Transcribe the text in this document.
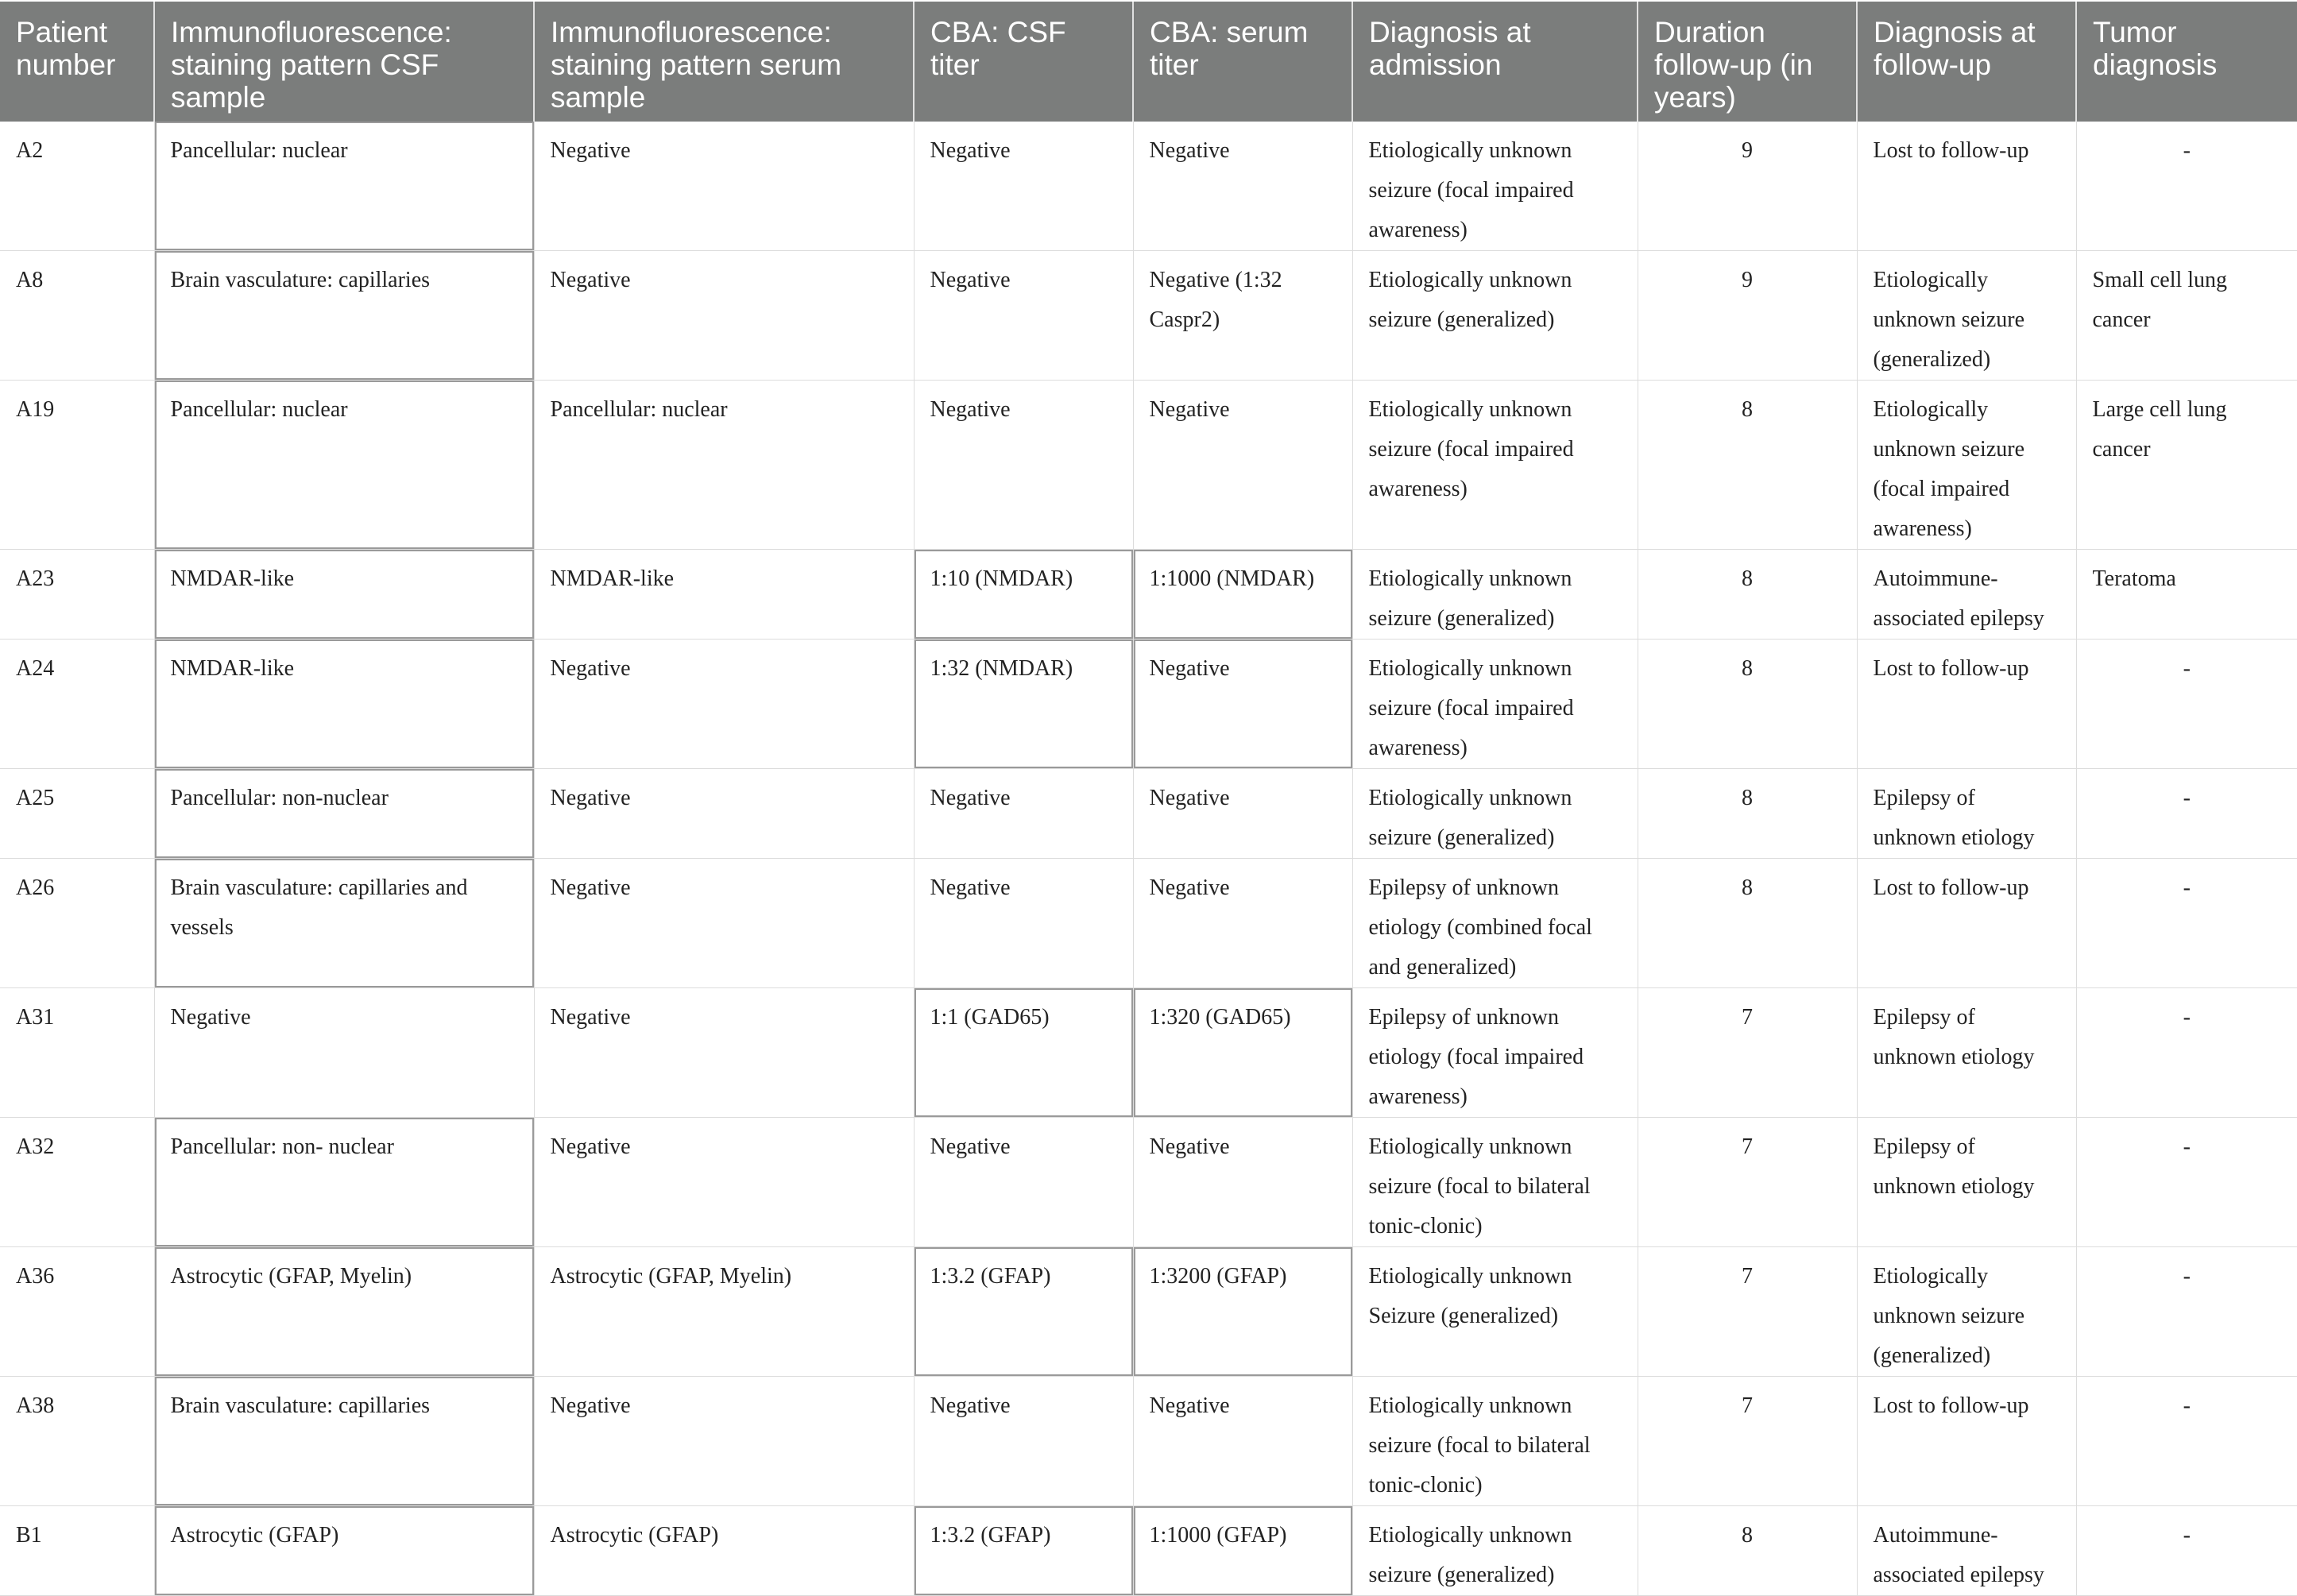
Patient number	Immunofluorescence: staining pattern CSF sample	Immunofluorescence: staining pattern serum sample	CBA: CSF titer	CBA: serum titer	Diagnosis at admission	Duration follow-up (in years)	Diagnosis at follow-up	Tumor diagnosis
A2	Pancellular: nuclear	Negative	Negative	Negative	Etiologically unknown seizure (focal impaired awareness)	9	Lost to follow-up	-
A8	Brain vasculature: capillaries	Negative	Negative	Negative (1:32 Caspr2)	Etiologically unknown seizure (generalized)	9	Etiologically unknown seizure (generalized)	Small cell lung cancer
A19	Pancellular: nuclear	Pancellular: nuclear	Negative	Negative	Etiologically unknown seizure (focal impaired awareness)	8	Etiologically unknown seizure (focal impaired awareness)	Large cell lung cancer
A23	NMDAR-like	NMDAR-like	1:10 (NMDAR)	1:1000 (NMDAR)	Etiologically unknown seizure (generalized)	8	Autoimmune-associated epilepsy	Teratoma
A24	NMDAR-like	Negative	1:32 (NMDAR)	Negative	Etiologically unknown seizure (focal impaired awareness)	8	Lost to follow-up	-
A25	Pancellular: non-nuclear	Negative	Negative	Negative	Etiologically unknown seizure (generalized)	8	Epilepsy of unknown etiology	-
A26	Brain vasculature: capillaries and vessels	Negative	Negative	Negative	Epilepsy of unknown etiology (combined focal and generalized)	8	Lost to follow-up	-
A31	Negative	Negative	1:1 (GAD65)	1:320 (GAD65)	Epilepsy of unknown etiology (focal impaired awareness)	7	Epilepsy of unknown etiology	-
A32	Pancellular: non- nuclear	Negative	Negative	Negative	Etiologically unknown seizure (focal to bilateral tonic-clonic)	7	Epilepsy of unknown etiology	-
A36	Astrocytic (GFAP, Myelin)	Astrocytic (GFAP, Myelin)	1:3.2 (GFAP)	1:3200 (GFAP)	Etiologically unknown Seizure (generalized)	7	Etiologically unknown seizure (generalized)	-
A38	Brain vasculature: capillaries	Negative	Negative	Negative	Etiologically unknown seizure (focal to bilateral tonic-clonic)	7	Lost to follow-up	-
B1	Astrocytic (GFAP)	Astrocytic (GFAP)	1:3.2 (GFAP)	1:1000 (GFAP)	Etiologically unknown seizure (generalized)	8	Autoimmune-associated epilepsy	-
